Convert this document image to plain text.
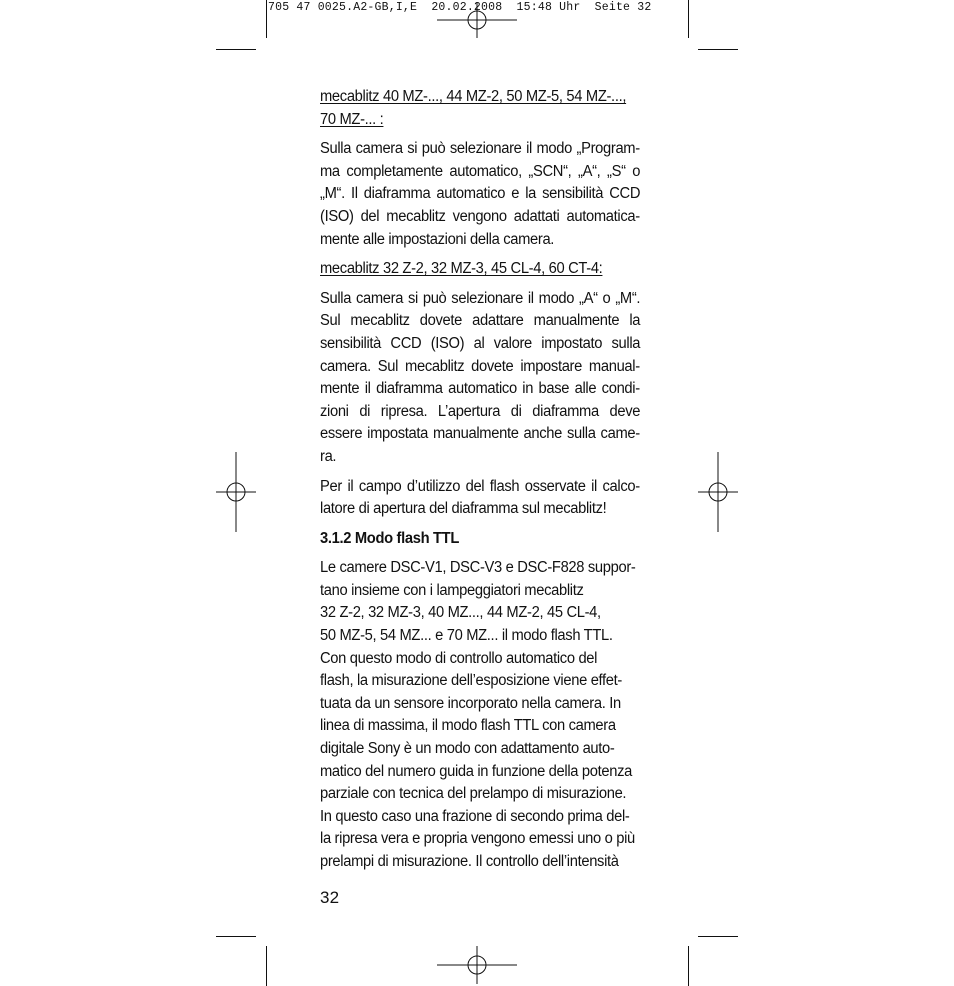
705 47 0025.A2-GB,I,E  20.02.2008  15:48 Uhr  Seite 32

mecablitz 40 MZ-..., 44 MZ-2, 50 MZ-5, 54 MZ-..., 70 MZ-... :

Sulla camera si può selezionare il modo „Programma completamente automatico, „SCN“, „A“, „S“ o „M“. Il diaframma automatico e la sensibilità CCD (ISO) del mecablitz vengono adattati automaticamente alle impostazioni della camera.

mecablitz 32 Z-2, 32 MZ-3, 45 CL-4, 60 CT-4:

Sulla camera si può selezionare il modo „A“ o „M“. Sul mecablitz dovete adattare manualmente la sensibilità CCD (ISO) al valore impostato sulla camera. Sul mecablitz dovete impostare manualmente il diaframma automatico in base alle condizioni di ripresa. L’apertura di diaframma deve essere impostata manualmente anche sulla camera.

Per il campo d’utilizzo del flash osservate il calcolatore di apertura del diaframma sul mecablitz!

3.1.2 Modo flash TTL

Le camere DSC-V1, DSC-V3 e DSC-F828 suppor-
tano insieme con i lampeggiatori mecablitz
32 Z-2, 32 MZ-3, 40 MZ..., 44 MZ-2, 45 CL-4,
50 MZ-5, 54 MZ... e 70 MZ... il modo flash TTL.
Con questo modo di controllo automatico del
flash, la misurazione dell’esposizione viene effet-
tuata da un sensore incorporato nella camera. In
linea di massima, il modo flash TTL con camera
digitale Sony è un modo con adattamento auto-
matico del numero guida in funzione della potenza
parziale con tecnica del prelampo di misurazione.
In questo caso una frazione di secondo prima del-
la ripresa vera e propria vengono emessi uno o più
prelampi di misurazione. Il controllo dell’intensità

32
